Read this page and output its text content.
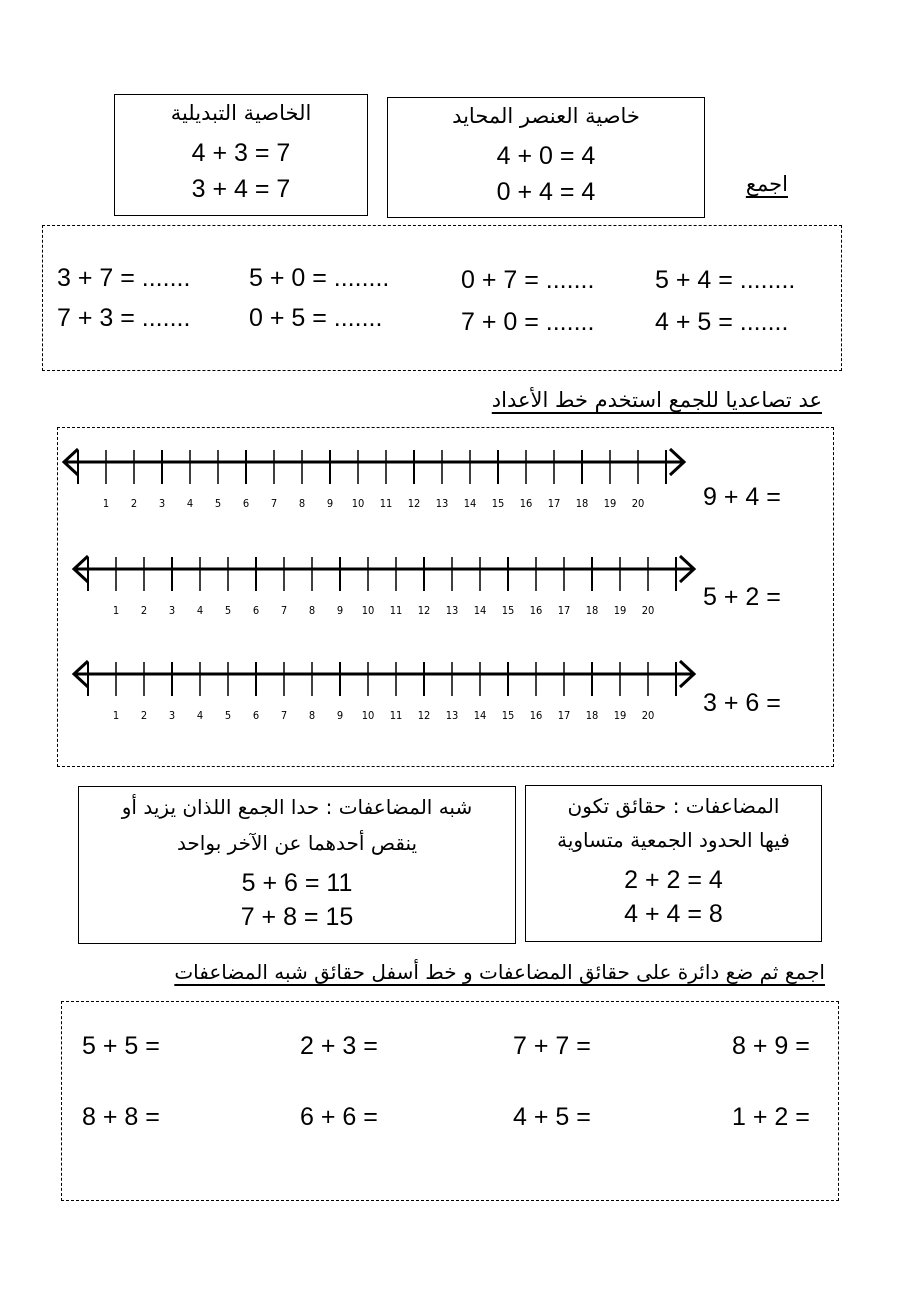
الخاصية التبديلية
4 + 3 = 7
3 + 4 = 7
خاصية العنصر المحايد
4 + 0 = 4
0 + 4 = 4	اجمع
3 + 7 = ....... 5 + 0 = ........	0 + 7 = ....... 5 + 4 = ........
7 + 3 = ....... 0 + 5 = .......	7 + 0 = ....... 4 + 5 = .......
عد تصاعديا للجمع استخدم خط الأعداد
1 2 3 4 5 6 7 8 9 10 11 12 13 14 15 16 17 18 19 20
1 2 3 4 5 6 7 8 9 10 11 12 13 14 15 16 17 18 19 20
1 2 3 4 5 6 7 8 9 10 11 12 13 14 15 16 17 18 19 20
9 + 4 =
5 + 2 =
3 + 6 =
شبه المضاعفات : حدا الجمع اللذان يزيد أو
ينقص أحدهما عن الآخر بواحد
5 + 6 = 11
7 + 8 = 15
المضاعفات : حقائق تكون
فيها الحدود الجمعية متساوية
2 + 2 = 4
4 + 4 = 8
اجمع ثم ضع دائرة على حقائق المضاعفات و خط أسفل حقائق شبه المضاعفات
5 + 5 =	2 + 3 =	7 + 7 =	8 + 9 =
8 + 8 =	6 + 6 =	4 + 5 =	1 + 2 =
